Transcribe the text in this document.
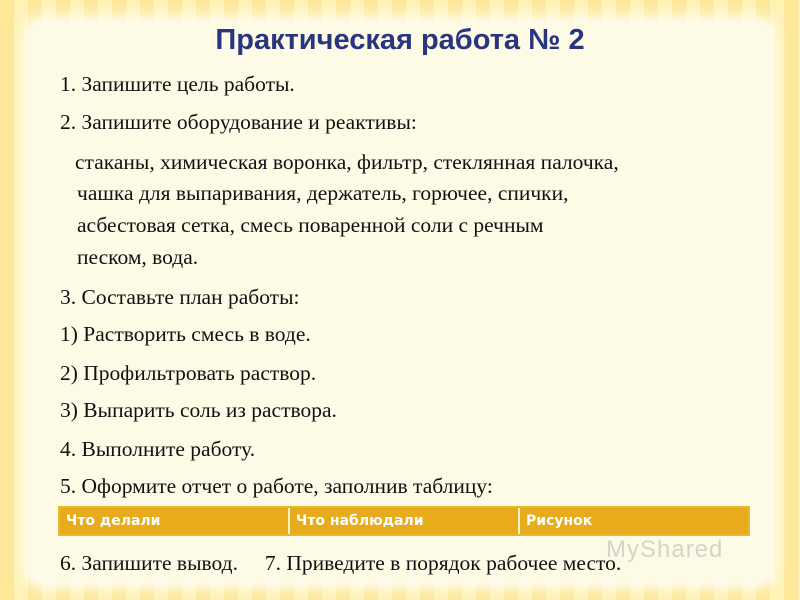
Практическая работа № 2
1. Запишите цель работы.
2. Запишите оборудование и реактивы:
стаканы, химическая воронка, фильтр, стеклянная палочка,
чашка для выпаривания, держатель, горючее, спички,
асбестовая сетка, смесь поваренной соли с речным
песком, вода.
3. Составьте план работы:
1) Растворить смесь в воде.
2) Профильтровать раствор.
3) Выпарить соль из раствора.
4. Выполните работу.
5. Оформите отчет о работе, заполнив таблицу:
Что делали	Что наблюдали	Рисунок
MyShared
6. Запишите вывод.     7. Приведите в порядок рабочее место.
